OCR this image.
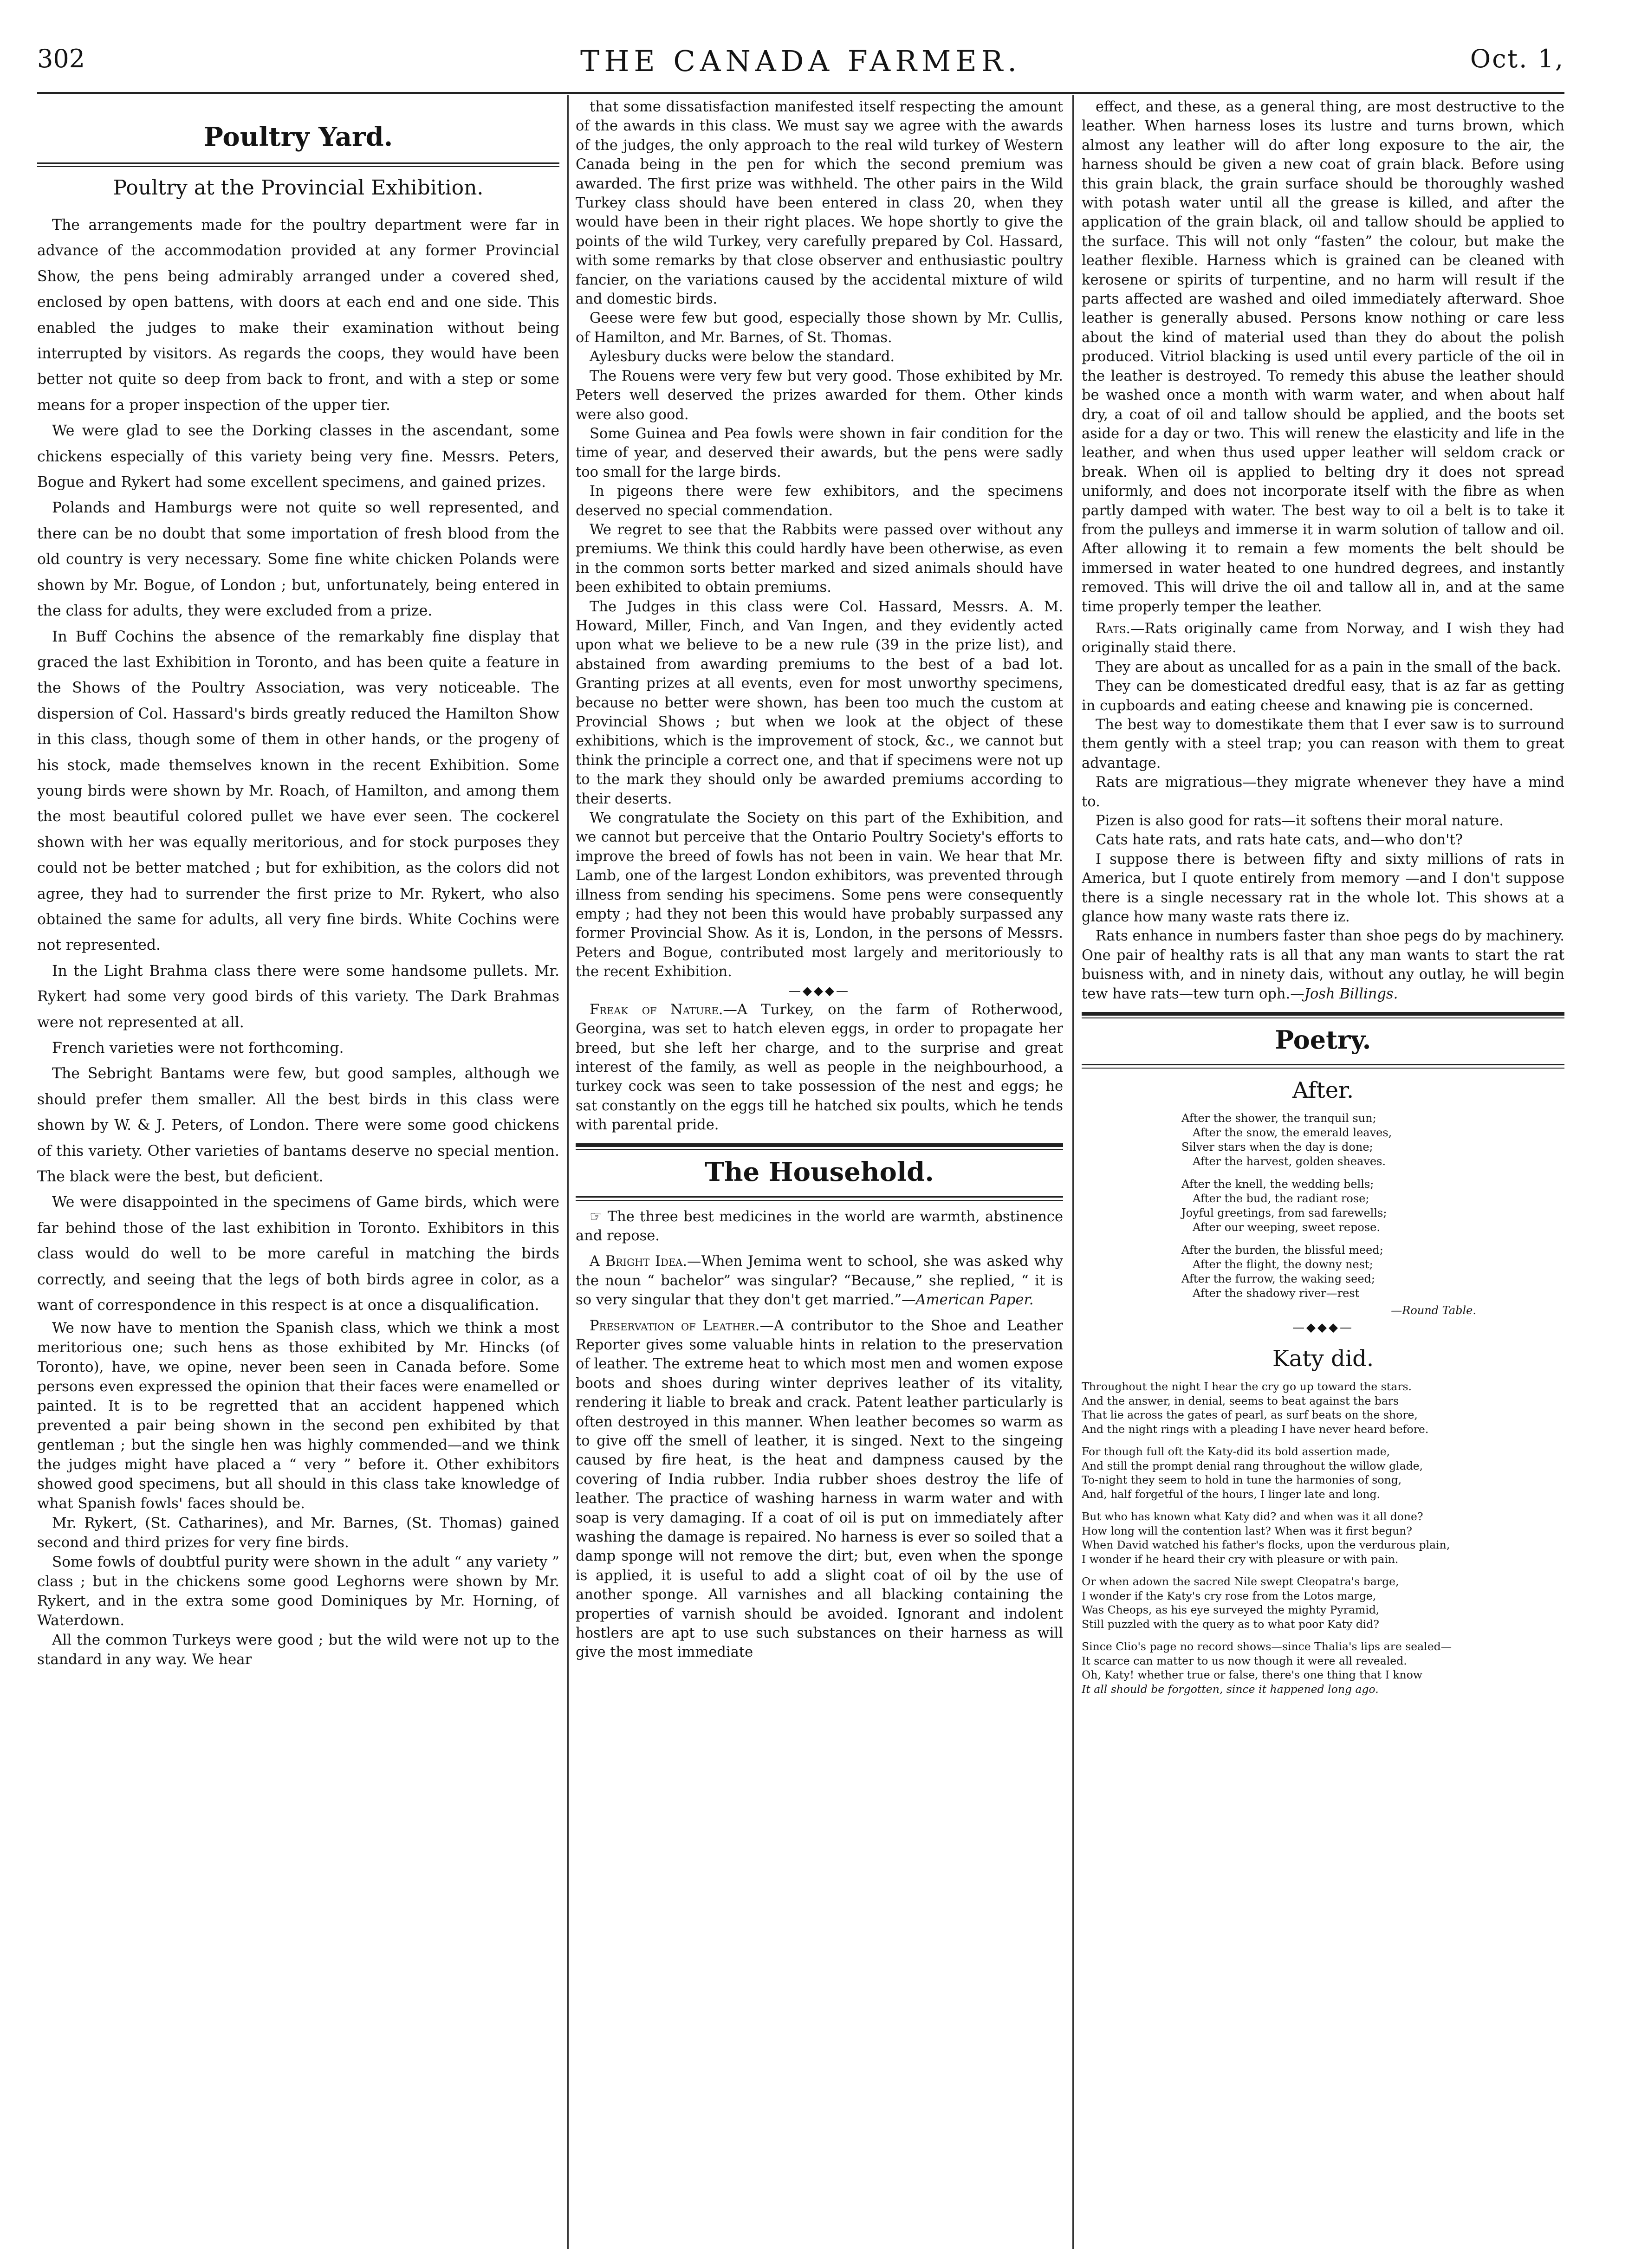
THE CANADA FARMER.
302	Oct. 1,
Poultry Yard.
Poultry at the Provincial Exhibition.

The arrangements made for the poultry department were far in advance of the accommodation provided at any former Provincial Show, the pens being admirably arranged under a covered shed, enclosed by open battens, with doors at each end and one side. This enabled the judges to make their examination without being interrupted by visitors. As regards the coops, they would have been better not quite so deep from back to front, and with a step or some means for a proper inspection of the upper tier.

We were glad to see the Dorking classes in the ascendant, some chickens especially of this variety being very fine. Messrs. Peters, Bogue and Rykert had some excellent specimens, and gained prizes.

Polands and Hamburgs were not quite so well represented, and there can be no doubt that some importation of fresh blood from the old country is very necessary. Some fine white chicken Polands were shown by Mr. Bogue, of London ; but, unfortunately, being entered in the class for adults, they were excluded from a prize.

In Buff Cochins the absence of the remarkably fine display that graced the last Exhibition in Toronto, and has been quite a feature in the Shows of the Poultry Association, was very noticeable. The dispersion of Col. Hassard's birds greatly reduced the Hamilton Show in this class, though some of them in other hands, or the progeny of his stock, made themselves known in the recent Exhibition. Some young birds were shown by Mr. Roach, of Hamilton, and among them the most beautiful colored pullet we have ever seen. The cockerel shown with her was equally meritorious, and for stock purposes they could not be better matched ; but for exhibition, as the colors did not agree, they had to surrender the first prize to Mr. Rykert, who also obtained the same for adults, all very fine birds. White Cochins were not represented.

In the Light Brahma class there were some handsome pullets. Mr. Rykert had some very good birds of this variety. The Dark Brahmas were not represented at all.

French varieties were not forthcoming.

The Sebright Bantams were few, but good samples, although we should prefer them smaller. All the best birds in this class were shown by W. & J. Peters, of London. There were some good chickens of this variety. Other varieties of bantams deserve no special mention. The black were the best, but deficient.

We were disappointed in the specimens of Game birds, which were far behind those of the last exhibition in Toronto. Exhibitors in this class would do well to be more careful in matching the birds correctly, and seeing that the legs of both birds agree in color, as a want of correspondence in this respect is at once a disqualification.

We now have to mention the Spanish class, which we think a most meritorious one; such hens as those exhibited by Mr. Hincks (of Toronto), have, we opine, never been seen in Canada before. Some persons even expressed the opinion that their faces were enamelled or painted. It is to be regretted that an accident happened which prevented a pair being shown in the second pen exhibited by that gentleman ; but the single hen was highly commended—and we think the judges might have placed a “ very ” before it. Other exhibitors showed good specimens, but all should in this class take knowledge of what Spanish fowls' faces should be.

Mr. Rykert, (St. Catharines), and Mr. Barnes, (St. Thomas) gained second and third prizes for very fine birds.

Some fowls of doubtful purity were shown in the adult “ any variety ” class ; but in the chickens some good Leghorns were shown by Mr. Rykert, and in the extra some good Dominiques by Mr. Horning, of Waterdown.

All the common Turkeys were good ; but the wild were not up to the standard in any way. We hear

that some dissatisfaction manifested itself respecting the amount of the awards in this class. We must say we agree with the awards of the judges, the only approach to the real wild turkey of Western Canada being in the pen for which the second premium was awarded. The first prize was withheld. The other pairs in the Wild Turkey class should have been entered in class 20, when they would have been in their right places. We hope shortly to give the points of the wild Turkey, very carefully prepared by Col. Hassard, with some remarks by that close observer and enthusiastic poultry fancier, on the variations caused by the accidental mixture of wild and domestic birds.

Geese were few but good, especially those shown by Mr. Cullis, of Hamilton, and Mr. Barnes, of St. Thomas.

Aylesbury ducks were below the standard.

The Rouens were very few but very good. Those exhibited by Mr. Peters well deserved the prizes awarded for them. Other kinds were also good.

Some Guinea and Pea fowls were shown in fair condition for the time of year, and deserved their awards, but the pens were sadly too small for the large birds.

In pigeons there were few exhibitors, and the specimens deserved no special commendation.

We regret to see that the Rabbits were passed over without any premiums. We think this could hardly have been otherwise, as even in the common sorts better marked and sized animals should have been exhibited to obtain premiums.

The Judges in this class were Col. Hassard, Messrs. A. M. Howard, Miller, Finch, and Van Ingen, and they evidently acted upon what we believe to be a new rule (39 in the prize list), and abstained from awarding premiums to the best of a bad lot. Granting prizes at all events, even for most unworthy specimens, because no better were shown, has been too much the custom at Provincial Shows ; but when we look at the object of these exhibitions, which is the improvement of stock, &c., we cannot but think the principle a correct one, and that if specimens were not up to the mark they should only be awarded premiums according to their deserts.

We congratulate the Society on this part of the Exhibition, and we cannot but perceive that the Ontario Poultry Society's efforts to improve the breed of fowls has not been in vain. We hear that Mr. Lamb, one of the largest London exhibitors, was prevented through illness from sending his specimens. Some pens were consequently empty ; had they not been this would have probably surpassed any former Provincial Show. As it is, London, in the persons of Messrs. Peters and Bogue, contributed most largely and meritoriously to the recent Exhibition.

—◆◆◆—

Freak of Nature.—A Turkey, on the farm of Rotherwood, Georgina, was set to hatch eleven eggs, in order to propagate her breed, but she left her charge, and to the surprise and great interest of the family, as well as people in the neighbourhood, a turkey cock was seen to take possession of the nest and eggs; he sat constantly on the eggs till he hatched six poults, which he tends with parental pride.

The Household.

☞ The three best medicines in the world are warmth, abstinence and repose.

A Bright Idea.—When Jemima went to school, she was asked why the noun “ bachelor” was singular? “Because,” she replied, “ it is so very singular that they don't get married.”—American Paper.

Preservation of Leather.—A contributor to the Shoe and Leather Reporter gives some valuable hints in relation to the preservation of leather. The extreme heat to which most men and women expose boots and shoes during winter deprives leather of its vitality, rendering it liable to break and crack. Patent leather particularly is often destroyed in this manner. When leather becomes so warm as to give off the smell of leather, it is singed. Next to the singeing caused by fire heat, is the heat and dampness caused by the covering of India rubber. India rubber shoes destroy the life of leather. The practice of washing harness in warm water and with soap is very damaging. If a coat of oil is put on immediately after washing the damage is repaired. No harness is ever so soiled that a damp sponge will not remove the dirt; but, even when the sponge is applied, it is useful to add a slight coat of oil by the use of another sponge. All varnishes and all blacking containing the properties of varnish should be avoided. Ignorant and indolent hostlers are apt to use such substances on their harness as will give the most immediate

effect, and these, as a general thing, are most destructive to the leather. When harness loses its lustre and turns brown, which almost any leather will do after long exposure to the air, the harness should be given a new coat of grain black. Before using this grain black, the grain surface should be thoroughly washed with potash water until all the grease is killed, and after the application of the grain black, oil and tallow should be applied to the surface. This will not only “fasten” the colour, but make the leather flexible. Harness which is grained can be cleaned with kerosene or spirits of turpentine, and no harm will result if the parts affected are washed and oiled immediately afterward. Shoe leather is generally abused. Persons know nothing or care less about the kind of material used than they do about the polish produced. Vitriol blacking is used until every particle of the oil in the leather is destroyed. To remedy this abuse the leather should be washed once a month with warm water, and when about half dry, a coat of oil and tallow should be applied, and the boots set aside for a day or two. This will renew the elasticity and life in the leather, and when thus used upper leather will seldom crack or break. When oil is applied to belting dry it does not spread uniformly, and does not incorporate itself with the fibre as when partly damped with water. The best way to oil a belt is to take it from the pulleys and immerse it in warm solution of tallow and oil. After allowing it to remain a few moments the belt should be immersed in water heated to one hundred degrees, and instantly removed. This will drive the oil and tallow all in, and at the same time properly temper the leather.

Rats.—Rats originally came from Norway, and I wish they had originally staid there.

They are about as uncalled for as a pain in the small of the back.

They can be domesticated dredful easy, that is az far as getting in cupboards and eating cheese and knawing pie is concerned.

The best way to domestikate them that I ever saw is to surround them gently with a steel trap; you can reason with them to great advantage.

Rats are migratious—they migrate whenever they have a mind to.

Pizen is also good for rats—it softens their moral nature.

Cats hate rats, and rats hate cats, and—who don't?

I suppose there is between fifty and sixty millions of rats in America, but I quote entirely from memory —and I don't suppose there is a single necessary rat in the whole lot. This shows at a glance how many waste rats there iz.

Rats enhance in numbers faster than shoe pegs do by machinery. One pair of healthy rats is all that any man wants to start the rat buisness with, and in ninety dais, without any outlay, he will begin tew have rats—tew turn oph.—Josh Billings.

Poetry.
After.
After the shower, the tranquil sun;
After the snow, the emerald leaves,
Silver stars when the day is done;
After the harvest, golden sheaves.
After the knell, the wedding bells;
After the bud, the radiant rose;
Joyful greetings, from sad farewells;
After our weeping, sweet repose.
After the burden, the blissful meed;
After the flight, the downy nest;
After the furrow, the waking seed;
After the shadowy river—rest
—Round Table.
—◆◆◆—
Katy did.
Throughout the night I hear the cry go up toward the stars.
And the answer, in denial, seems to beat against the bars
That lie across the gates of pearl, as surf beats on the shore,
And the night rings with a pleading I have never heard before.
For though full oft the Katy-did its bold assertion made,
And still the prompt denial rang throughout the willow glade,
To-night they seem to hold in tune the harmonies of song,
And, half forgetful of the hours, I linger late and long.
But who has known what Katy did? and when was it all done?
How long will the contention last? When was it first begun?
When David watched his father's flocks, upon the verdurous plain,
I wonder if he heard their cry with pleasure or with pain.
Or when adown the sacred Nile swept Cleopatra's barge,
I wonder if the Katy's cry rose from the Lotos marge,
Was Cheops, as his eye surveyed the mighty Pyramid,
Still puzzled with the query as to what poor Katy did?
Since Clio's page no record shows—since Thalia's lips are sealed—
It scarce can matter to us now though it were all revealed.
Oh, Katy! whether true or false, there's one thing that I know
It all should be forgotten, since it happened long ago.
